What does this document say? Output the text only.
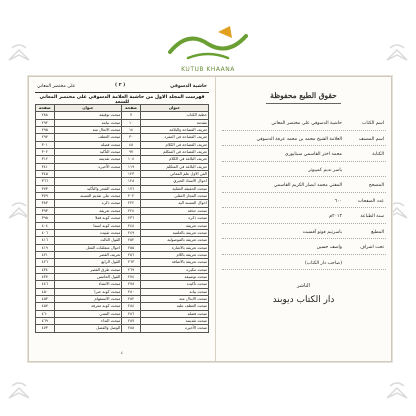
KUTUB KHAANA
حاشية الدسوقي
( ٢ )
على مختصر المعاني
فهرست المجلد الاول من حاشية العلامة الدسوقي على مختصر المعاني للسعد
عنوان	صفحه	عنوان	صفحه
خطبة الكتاب	٧	مبحث توقيفه	٢٨٨
مقدمة	١٠	مبحث نيابته	٢٩٢
تعريف الفصاحة والبلاغة	١٤	مبحث الانعال منه	٢٩٥
تعريف الفصاحة في المفرد	٣٠	مبحث العطف	٢٩٧
تعريف الفصاحة في الكلام	٤٨	مبحث فصله	٣٠١
تعريف الفصاحة في المتكلم	٩٧	مبحث التأكيد	٣٠٢
تعريف البلاغة في الكلام	١٠٤	مبحث تقديمه	٣١٢
تعريف البلاغة في المتكلم	١١٩	مبحث الأخيره	٣٤١
الفن الاول علم المعاني	١٢٣		٣٤٥
احوال الاسناد الخبري	١٢٨		٣٦٦
مبحث الحقيقة العقلية	١٧٦	مبحث الشعر والتأكيد	٣٧٣
مبحث المجاز العقلي	٢٠٢	مبحث على تقديم المسند	٣٧٩
احوال المسند اليه	٢٢٢	مبحث ذكره	٣٨٣
مبحث حذفه	٢٢٤	مبحث تعريفه	٣٩٣
مبحث ذكره	٢٣٦	مبحث كونه فعلا	٣٩٥
مبحث تعريفه	٢٤٤	مبحث كونه اسما	٤٠٤
مبحث تعريفه بالعلمية	٢٤٩	مبحث تقييده	٤٠٦
مبحث تعريفه بالموصولية	٢٥٢	القول الثالث	٤١٦
مبحث تعريفه بالاشارة	٢٥٥	احوال متعلقات الفعل	٤١٩
مبحث تعريفه باللام	٢٥٦	تعريف القصر	٤٢١
مبحث تعريفه بالاضافة	٢٦٣	القول الرابع	٤٢٦
مبحث تنكيره	٢٦٩	مبحث طرق القصر	٤٣٤
مبحث توصيفه	٢٧٤	القول الخامس	٤٣٧
مبحث تأكيده	٢٧٨	مبحث الانشاء	٤٤٦
مبحث بيانه	٢٨٠	مبحث كونه خبرا	٤٥٠
مبحث الابدال منه	٢٨٢	مبحث الاستفهام	٤٥٣
مبحث العطف عليه	٢٨٤	مبحث كونه معرفة	٤٥٧
مبحث فصله	٢٨٦	مبحث التمني	٤٦٠
مبحث تقديمه	٢٨٧	مبحث النداء	٤٦٩
مبحث الأخيره	٢٨٨	الوصل والفصل	٤٧٣
٤
حقوق الطبع محفوظة
اسم الكتاب
حاشية الدسوقي على مختصر المعاني
اسم المصنف
العلامة الشيخ محمد بن محمد عرفة الدسوقي
الكتابة
محمد اختر القاسمي سيتاپوري
ياسر نديم كمپيوتر
المصحح
المفتي محمد ابصار الكريم القاسمي
عدد الصفحات
٦٠٠
سنة الطباعة
٢٠١٢م
المطبع
باسرتيم فوتو آفسيت
تحت اشراف
واصف حسين
(صاحب دار الكتاب)
الناشر
دار الكتاب ديوبند
